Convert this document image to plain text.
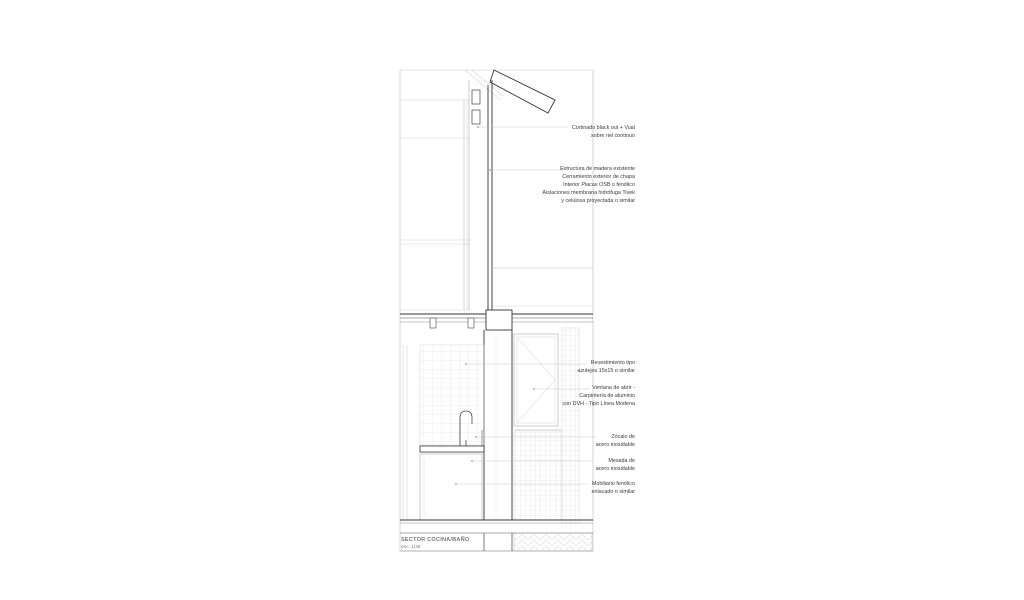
Cortinado black out + Vual
sobre riel continuo
Estructura de madera existente
Cerramiento exterior de chapa
Interior Placas OSB o fenólico
Aislaciones membrana hidrófuga Tivek
y celulosa proyectada o similar
Revestimiento tipo
azulejos 15x15 o similar
Ventana de abrir -
Carpintería de aluminio
con DVH - Tipo Línea Modena
Zócalo de
acero inoxidable
Mesada de
acero inoxidable
Mobiliario fenólico
enlacado o similar
SECTOR COCINA/BAÑO
esc: 1/25
